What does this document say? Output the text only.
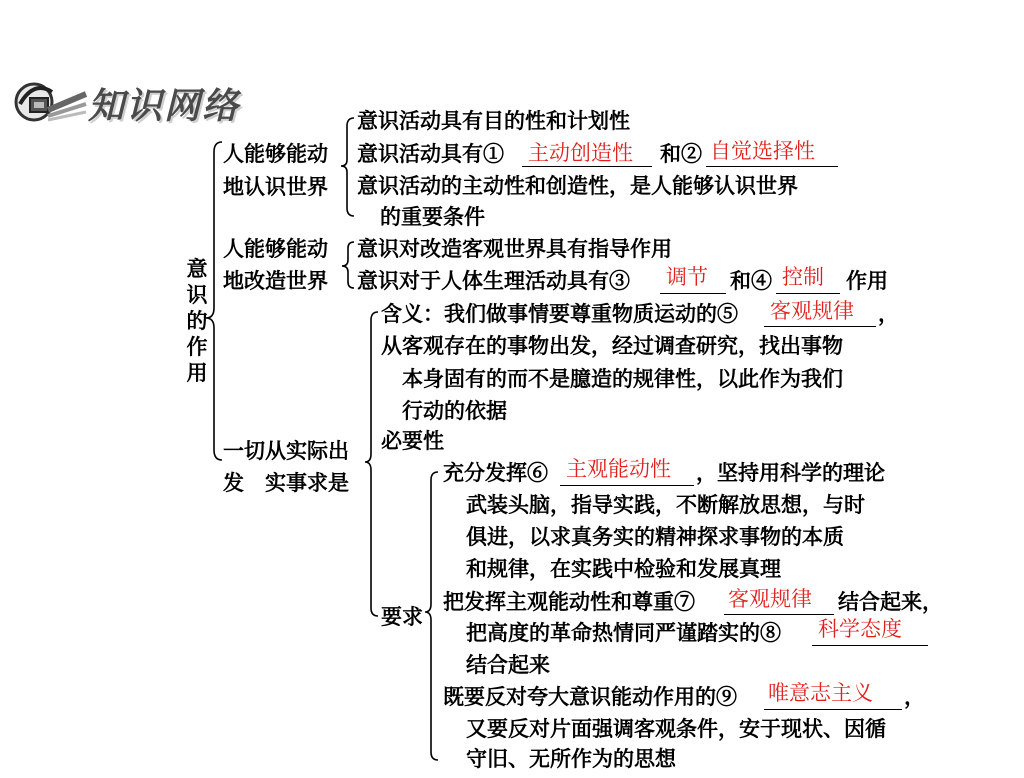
知识网络
意识的作用
人能够能动
地认识世界
意识活动具有目的性和计划性
意识活动具有① 主动创造性 和② 自觉选择性
意识活动的主动性和创造性，是人能够认识世界
的重要条件
人能够能动
地改造世界
意识对改造客观世界具有指导作用
意识对于人体生理活动具有③ 调节 和④ 控制 作用
一切从实际出
发　实事求是
含义：我们做事情要尊重物质运动的⑤ 客观规律 ，
从客观存在的事物出发，经过调查研究，找出事物
本身固有的而不是臆造的规律性，以此作为我们
行动的依据
必要性
要求
充分发挥⑥ 主观能动性 ，坚持用科学的理论
武装头脑，指导实践，不断解放思想，与时
俱进，以求真务实的精神探求事物的本质
和规律，在实践中检验和发展真理
把发挥主观能动性和尊重⑦ 客观规律 结合起来，
把高度的革命热情同严谨踏实的⑧ 科学态度
结合起来
既要反对夸大意识能动作用的⑨ 唯意志主义 ，
又要反对片面强调客观条件，安于现状、因循
守旧、无所作为的思想
